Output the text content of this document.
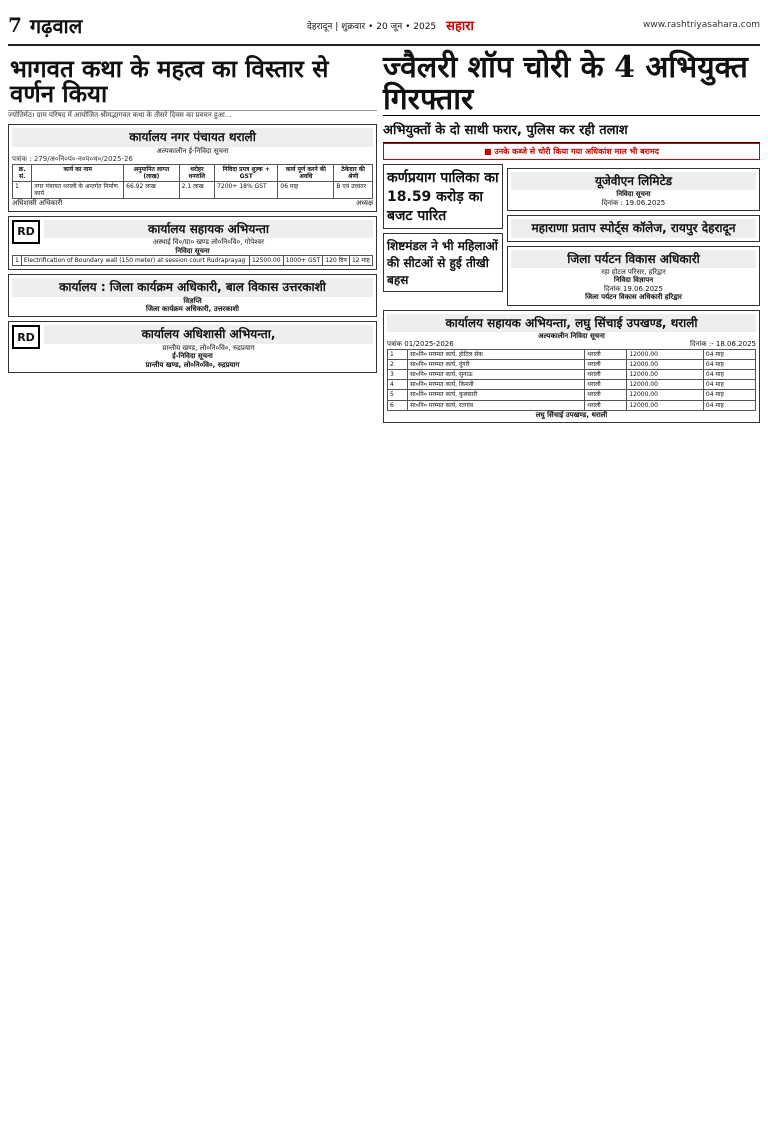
7 गढ़वाल	देहरादून | शुक्रवार • 20 जून • 2025 सहारा	www.rashtriyasahara.com
भागवत कथा के महत्व का विस्तार से वर्णन किया
ज्योतिर्मठ। ग्राम परिषद में आयोजित श्रीमद्भागवत कथा के तीसरे दिवस का प्रवचन हुआ...
कार्यालय नगर पंचायत थराली
अल्पकालीन ई-निविदा सूचना
पत्रांक : 279/अ०नि०पं०-न०प०थ०/2025-26
क्र. सं.	कार्य का नाम	अनुमानित लागत (लाख)	धरोहर धनराशि	निविदा प्रपत्र शुल्क + GST	कार्य पूर्ण करने की अवधि	ठेकेदार की श्रेणी
1	नगर पंचायत थराली के अन्तर्गत निर्माण कार्य	66.92 लाख	2.1 लाख	7200+ 18% GST	06 माह	B एवं उच्चतर
अधिशासी अधिकारी	अध्यक्ष
RD	कार्यालय सहायक अभियन्ता
अस्थाई वि०/ग्रा० खण्ड लो०नि०वि०, गोपेश्वर
निविदा सूचना
1	Electrification of Boundary wall (150 meter) at session court Rudraprayag	12500.00	1000+ GST	120 दिन	12 माह
कार्यालय : जिला कार्यक्रम अधिकारी, बाल विकास उत्तरकाशी
विज्ञप्ति
जिला कार्यक्रम अधिकारी, उत्तरकाशी
RD	कार्यालय अधिशासी अभियन्ता,
प्रान्तीय खण्ड, लो०नि०वि०, रुद्रप्रयाग
ई-निविदा सूचना
प्रान्तीय खण्ड, लो०नि०वि०, रुद्रप्रयाग
ज्वैलरी शॉप चोरी के 4 अभियुक्त गिरफ्तार
अभियुक्तों के दो साथी फरार, पुलिस कर रही तलाश
■ उनके कब्जे से चोरी किया गया अधिकांश माल भी बरामद
कर्णप्रयाग पालिका का 18.59 करोड़ का बजट पारित
शिष्टमंडल ने भी महिलाओं की सीटओं से हुई तीखी बहस
यूजेवीएन लिमिटेड
निविदा सूचना
दिनांक : 19.06.2025
महाराणा प्रताप स्पोर्ट्स कॉलेज, रायपुर देहरादून
जिला पर्यटन विकास अधिकारी
रहा होटल परिसर, हरिद्वार
निविदा विज्ञापन
दिनांक 19.06.2025
जिला पर्यटन विकास अधिकारी हरिद्वार
कार्यालय सहायक अभियन्ता, लघु सिंचाई उपखण्ड, थराली
अल्पकालीन निविदा सूचना
पत्रांक 01/2025-2026	दिनांक :- 18.06.2025
1	सा०नि० मरम्मत कार्य, होटिल सेक	थराली	12000.00	04 माह
2	सा०नि० मरम्मत कार्य, दूंगरी	थराली	12000.00	04 माह
3	सा०नि० मरम्मत कार्य, सुनाऊ	थराली	12000.00	04 माह
4	सा०नि० मरम्मत कार्य, किमनी	थराली	12000.00	04 माह
5	सा०नि० मरम्मत कार्य, कुलसारी	थराली	12000.00	04 माह
6	सा०नि० मरम्मत कार्य, रतगांव	थराली	12000.00	04 माह
लघु सिंचाई उपखण्ड, थराली
